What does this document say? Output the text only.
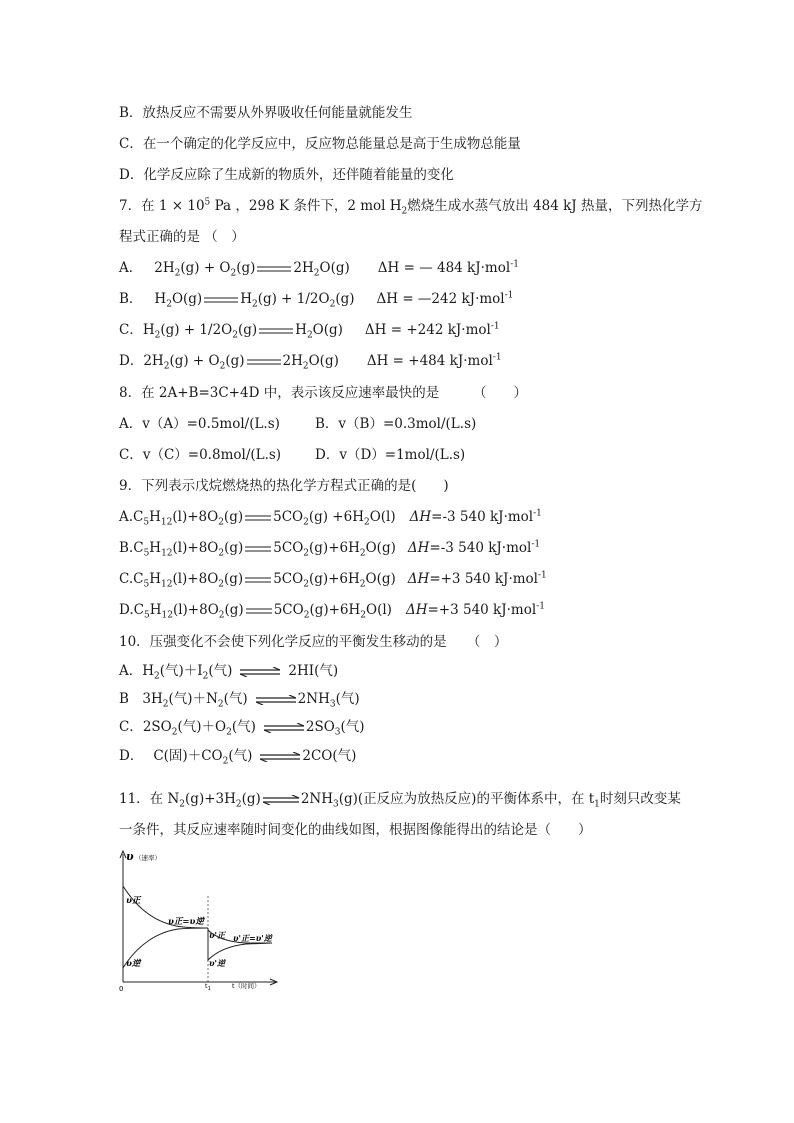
B．放热反应不需要从外界吸收任何能量就能发生
C．在一个确定的化学反应中，反应物总能量总是高于生成物总能量
D．化学反应除了生成新的物质外，还伴随着能量的变化
7．在 $1 \times 10^5$ Pa ，298 K 条件下，2 mol $H_2$燃烧生成水蒸气放出 484 kJ 热量，下列热化学方
程式正确的是 （　）
A． $2H_2(g) + O_2(g)$	$2H_2O(g) \Delta H$ = — 484 kJ·mol$^{-1}$
B． $H_2O(g)$	$H_2(g) + 1/2O_2(g) \Delta H$ = —242 kJ·mol$^{-1}$
C．$H_2(g) + 1/2O_2(g)$	$H_2O(g) \Delta H = +242$ kJ·mol$^{-1}$
D．$2H_2(g) + O_2(g)$	$2H_2O(g) \Delta H = +484$ kJ·mol$^{-1}$
8．在 2A+B=3C+4D 中，表示该反应速率最快的是　　　（　　）
A．v（A）=0.5mol/(L.s)	B．v（B）=0.3mol/(L.s)
C．v（C）=0.8mol/(L.s)	D．v（D）=1mol/(L.s)
9．下列表示戊烷燃烧热的热化学方程式正确的是(　　)
$A.C_5H_{12}(l)+8O_2(g)$ $5CO_2(g) +6H_2O(l)$ ΔH=-3 540 kJ·mol$^{-1}$
$B.C_5H_{12}(l)+8O_2(g)$ $5CO_2(g)+6H_2O(g)$ ΔH=-3 540 kJ·mol$^{-1}$
$C.C_5H_{12}(l)+8O_2(g)$ $5CO_2(g)+6H_2O(g)$ ΔH=+3 540 kJ·mol$^{-1}$
$D.C_5H_{12}(l)+8O_2(g)$ $5CO_2(g)+6H_2O(l)$ ΔH=+3 540 kJ·mol$^{-1}$
10．压强变化不会使下列化学反应的平衡发生移动的是　　（　）
A．$H_2$(气)$+I_2$(气) ⇌ 2HI(气)
B　$3H_2$(气)$+N_2$(气) ⇌ $2NH_3$(气)
C．$2SO_2$(气)$+O_2$(气) ⇌ $2SO_3$(气)
D． C(固)$+CO_2$(气) ⇌ 2CO(气)
11．在 $N_2(g)+3H_2(g)$ ⇌ $2NH_3(g)$(正反应为放热反应)的平衡体系中，在 $t_1$时刻只改变某
一条件，其反应速率随时间变化的曲线如图，根据图像能得出的结论是（　　）
υ （速率）
0	$t_1$	t（时间）
υ正
υ逆
υ正=υ逆
υ'正
υ'逆
υ'正=υ'逆
